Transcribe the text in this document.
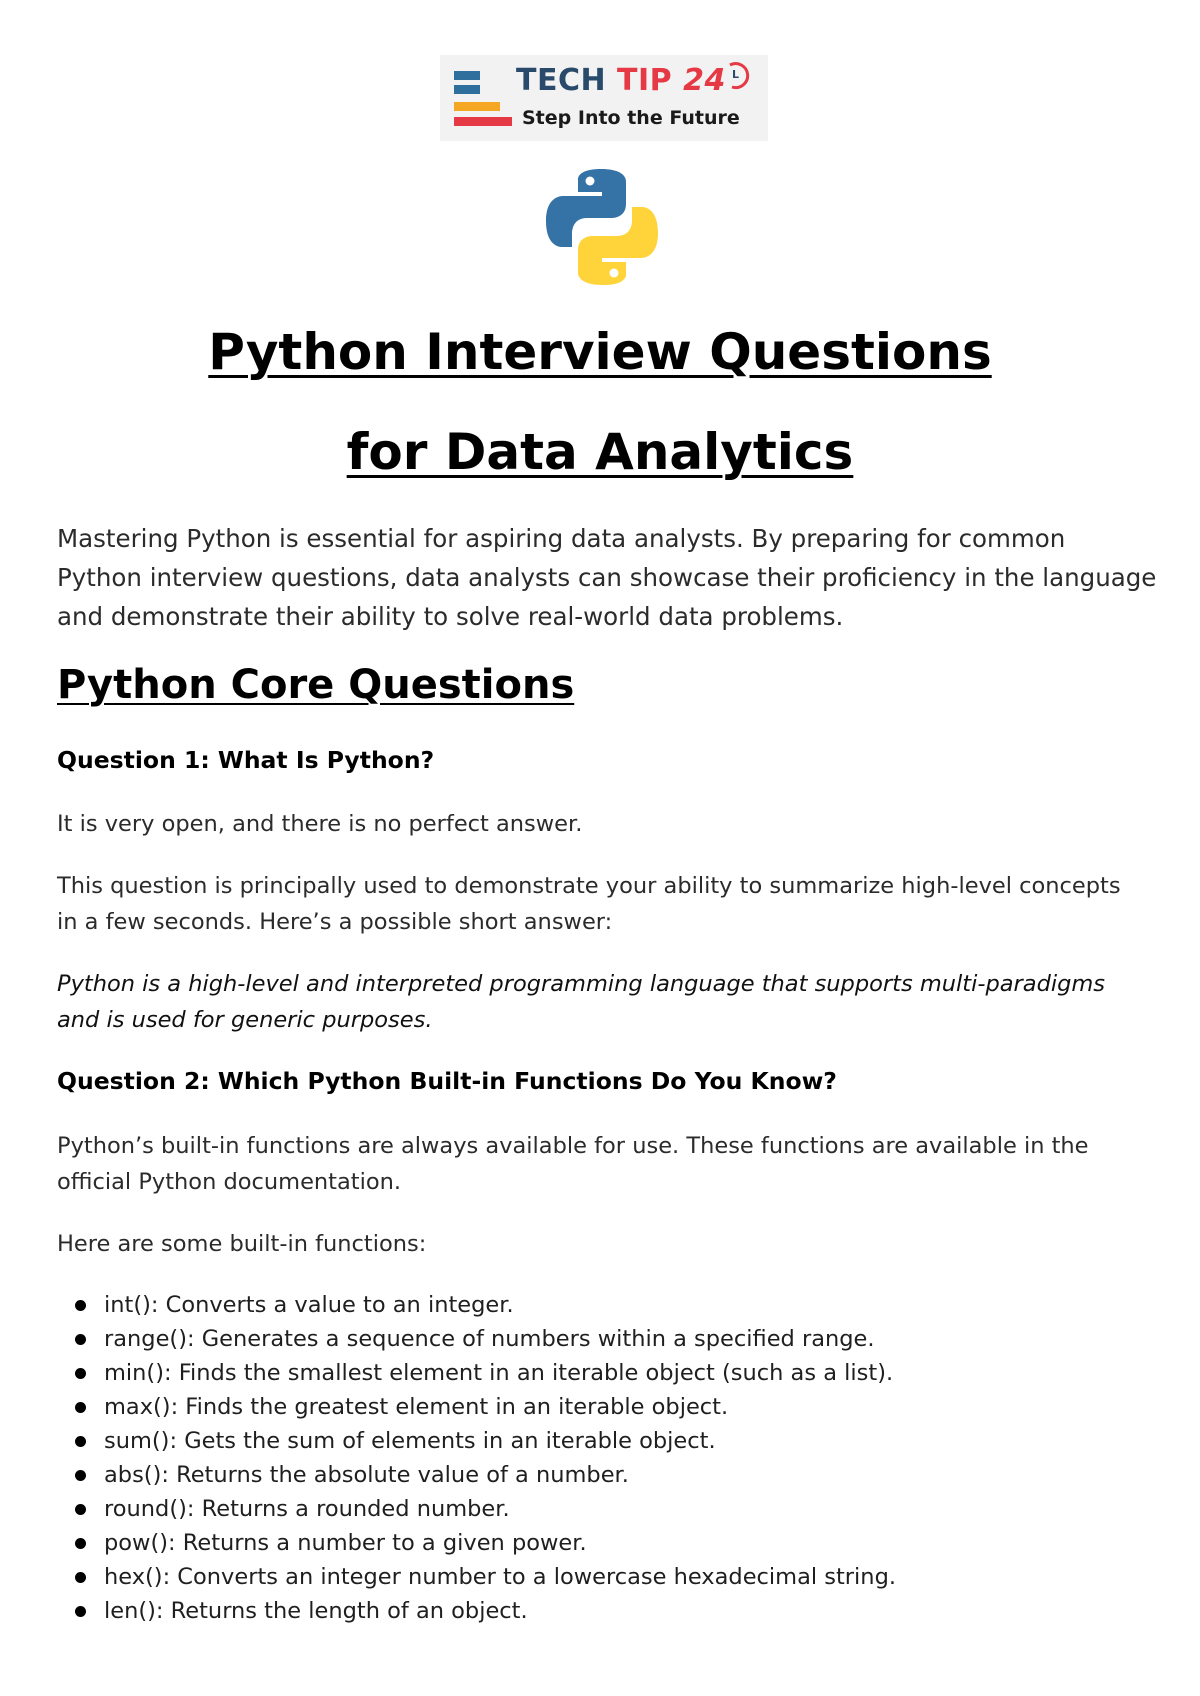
TECH TIP 24 L
Step Into the Future
Python Interview Questions
for Data Analytics
Mastering Python is essential for aspiring data analysts. By preparing for common Python interview questions, data analysts can showcase their proficiency in the language and demonstrate their ability to solve real-world data problems.
Python Core Questions
Question 1: What Is Python?
It is very open, and there is no perfect answer.
This question is principally used to demonstrate your ability to summarize high-level concepts in a few seconds. Here’s a possible short answer:
Python is a high-level and interpreted programming language that supports multi-paradigms and is used for generic purposes.
Question 2: Which Python Built-in Functions Do You Know?
Python’s built-in functions are always available for use. These functions are available in the official Python documentation.
Here are some built-in functions:
int(): Converts a value to an integer.
range(): Generates a sequence of numbers within a specified range.
min(): Finds the smallest element in an iterable object (such as a list).
max(): Finds the greatest element in an iterable object.
sum(): Gets the sum of elements in an iterable object.
abs(): Returns the absolute value of a number.
round(): Returns a rounded number.
pow(): Returns a number to a given power.
hex(): Converts an integer number to a lowercase hexadecimal string.
len(): Returns the length of an object.
